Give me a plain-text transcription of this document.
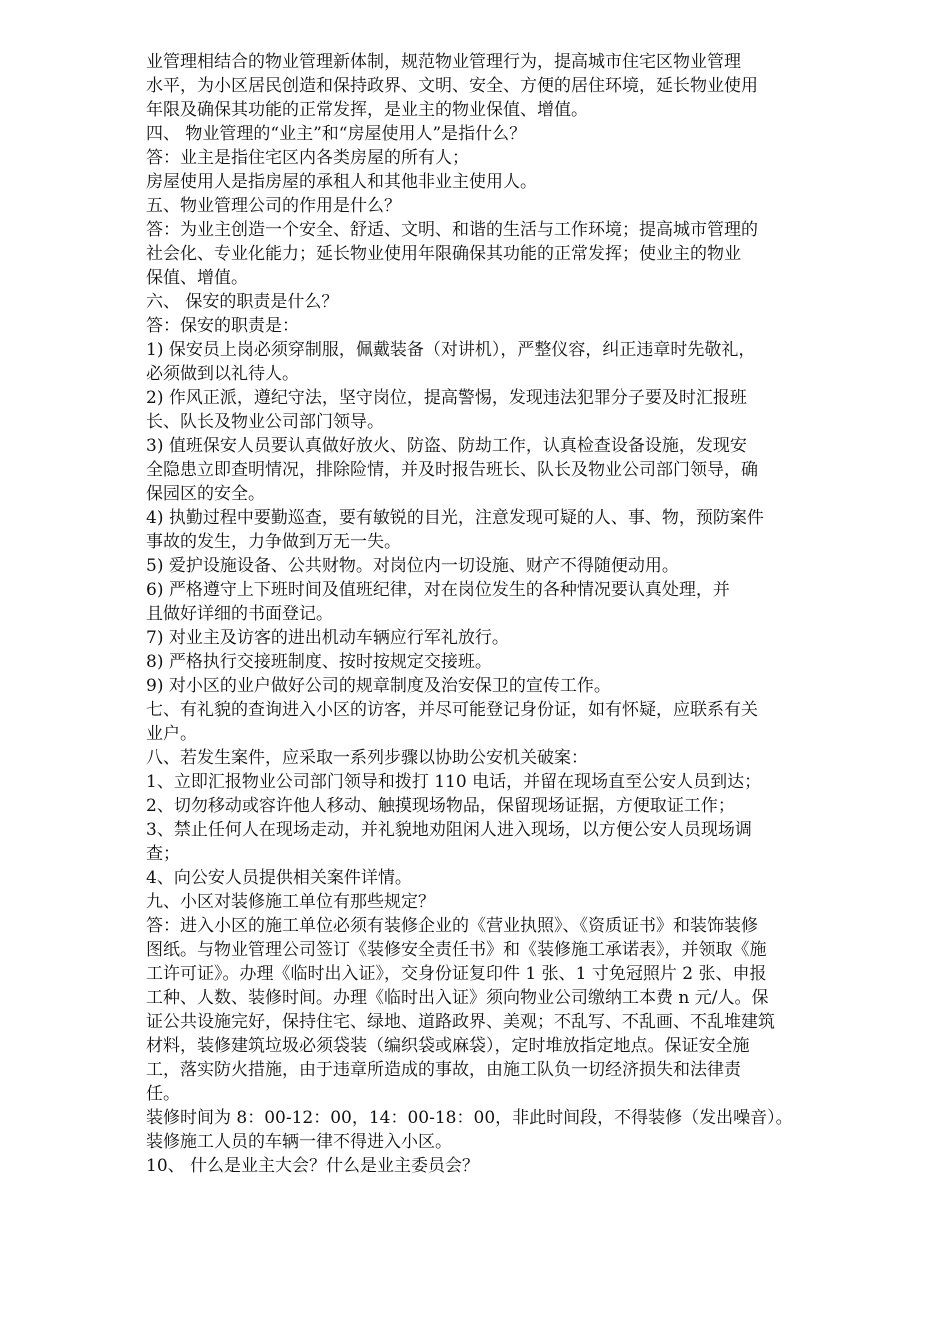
业管理相结合的物业管理新体制，规范物业管理行为，提高城市住宅区物业管理
水平，为小区居民创造和保持政界、文明、安全、方便的居住环境，延长物业使用
年限及确保其功能的正常发挥，是业主的物业保值、增值。
四、 物业管理的“业主”和“房屋使用人”是指什么？
答：业主是指住宅区内各类房屋的所有人；
房屋使用人是指房屋的承租人和其他非业主使用人。
五、物业管理公司的作用是什么？
答：为业主创造一个安全、舒适、文明、和谐的生活与工作环境；提高城市管理的
社会化、专业化能力；延长物业使用年限确保其功能的正常发挥；使业主的物业
保值、增值。
六、 保安的职责是什么？
答：保安的职责是：
1) 保安员上岗必须穿制服，佩戴装备（对讲机），严整仪容，纠正违章时先敬礼，
必须做到以礼待人。
2) 作风正派，遵纪守法，坚守岗位，提高警惕，发现违法犯罪分子要及时汇报班
长、队长及物业公司部门领导。
3) 值班保安人员要认真做好放火、防盗、防劫工作，认真检查设备设施，发现安
全隐患立即查明情况，排除险情，并及时报告班长、队长及物业公司部门领导，确
保园区的安全。
4) 执勤过程中要勤巡查，要有敏锐的目光，注意发现可疑的人、事、物，预防案件
事故的发生，力争做到万无一失。
5) 爱护设施设备、公共财物。对岗位内一切设施、财产不得随便动用。
6) 严格遵守上下班时间及值班纪律，对在岗位发生的各种情况要认真处理，并
且做好详细的书面登记。
7) 对业主及访客的进出机动车辆应行军礼放行。
8) 严格执行交接班制度、按时按规定交接班。
9) 对小区的业户做好公司的规章制度及治安保卫的宣传工作。
七、有礼貌的查询进入小区的访客，并尽可能登记身份证，如有怀疑，应联系有关
业户。
八、若发生案件，应采取一系列步骤以协助公安机关破案：
1、立即汇报物业公司部门领导和拨打 110 电话，并留在现场直至公安人员到达；
2、切勿移动或容许他人移动、触摸现场物品，保留现场证据，方便取证工作；
3、禁止任何人在现场走动，并礼貌地劝阻闲人进入现场，以方便公安人员现场调
查；
4、向公安人员提供相关案件详情。
九、小区对装修施工单位有那些规定？
答：进入小区的施工单位必须有装修企业的《营业执照》、《资质证书》和装饰装修
图纸。与物业管理公司签订《装修安全责任书》和《装修施工承诺表》，并领取《施
工许可证》。办理《临时出入证》，交身份证复印件 1 张、1 寸免冠照片 2 张、申报
工种、人数、装修时间。办理《临时出入证》须向物业公司缴纳工本费 n 元/人。保
证公共设施完好，保持住宅、绿地、道路政界、美观；不乱写、不乱画、不乱堆建筑
材料，装修建筑垃圾必须袋装（编织袋或麻袋），定时堆放指定地点。保证安全施
工，落实防火措施，由于违章所造成的事故，由施工队负一切经济损失和法律责
任。
装修时间为 8：00-12：00，14：00-18：00，非此时间段，不得装修（发出噪音）。
装修施工人员的车辆一律不得进入小区。
10、 什么是业主大会？什么是业主委员会？
